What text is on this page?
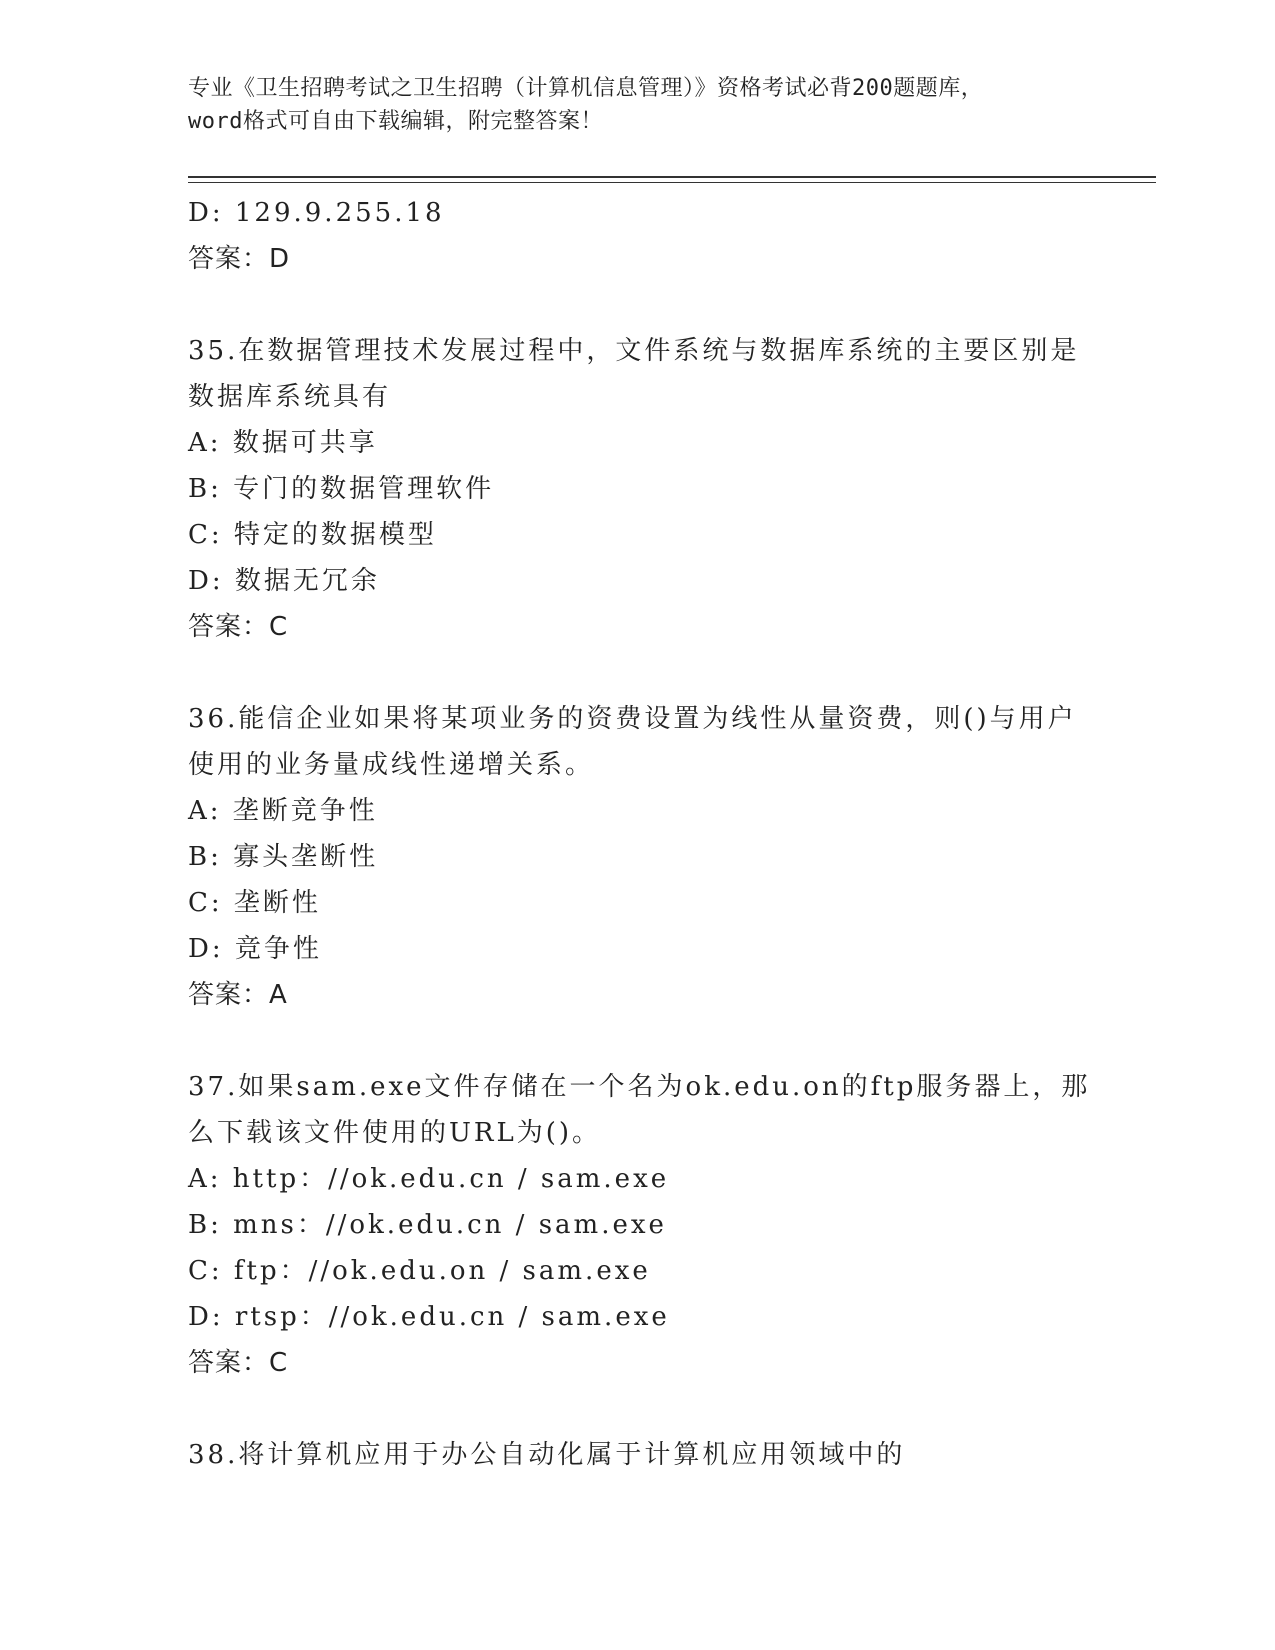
专业《卫生招聘考试之卫生招聘（计算机信息管理）》资格考试必背200题题库，
word格式可自由下载编辑，附完整答案！
D: 129.9.255.18
答案：D
35.在数据管理技术发展过程中，文件系统与数据库系统的主要区别是
数据库系统具有
A: 数据可共享
B: 专门的数据管理软件
C: 特定的数据模型
D: 数据无冗余
答案：C
36.能信企业如果将某项业务的资费设置为线性从量资费，则()与用户
使用的业务量成线性递增关系。
A: 垄断竞争性
B: 寡头垄断性
C: 垄断性
D: 竞争性
答案：A
37.如果sam.exe文件存储在一个名为ok.edu.on的ftp服务器上，那
么下载该文件使用的URL为()。
A: http：//ok.edu.cn / sam.exe
B: mns：//ok.edu.cn / sam.exe
C: ftp：//ok.edu.on / sam.exe
D: rtsp：//ok.edu.cn / sam.exe
答案：C
38.将计算机应用于办公自动化属于计算机应用领域中的
